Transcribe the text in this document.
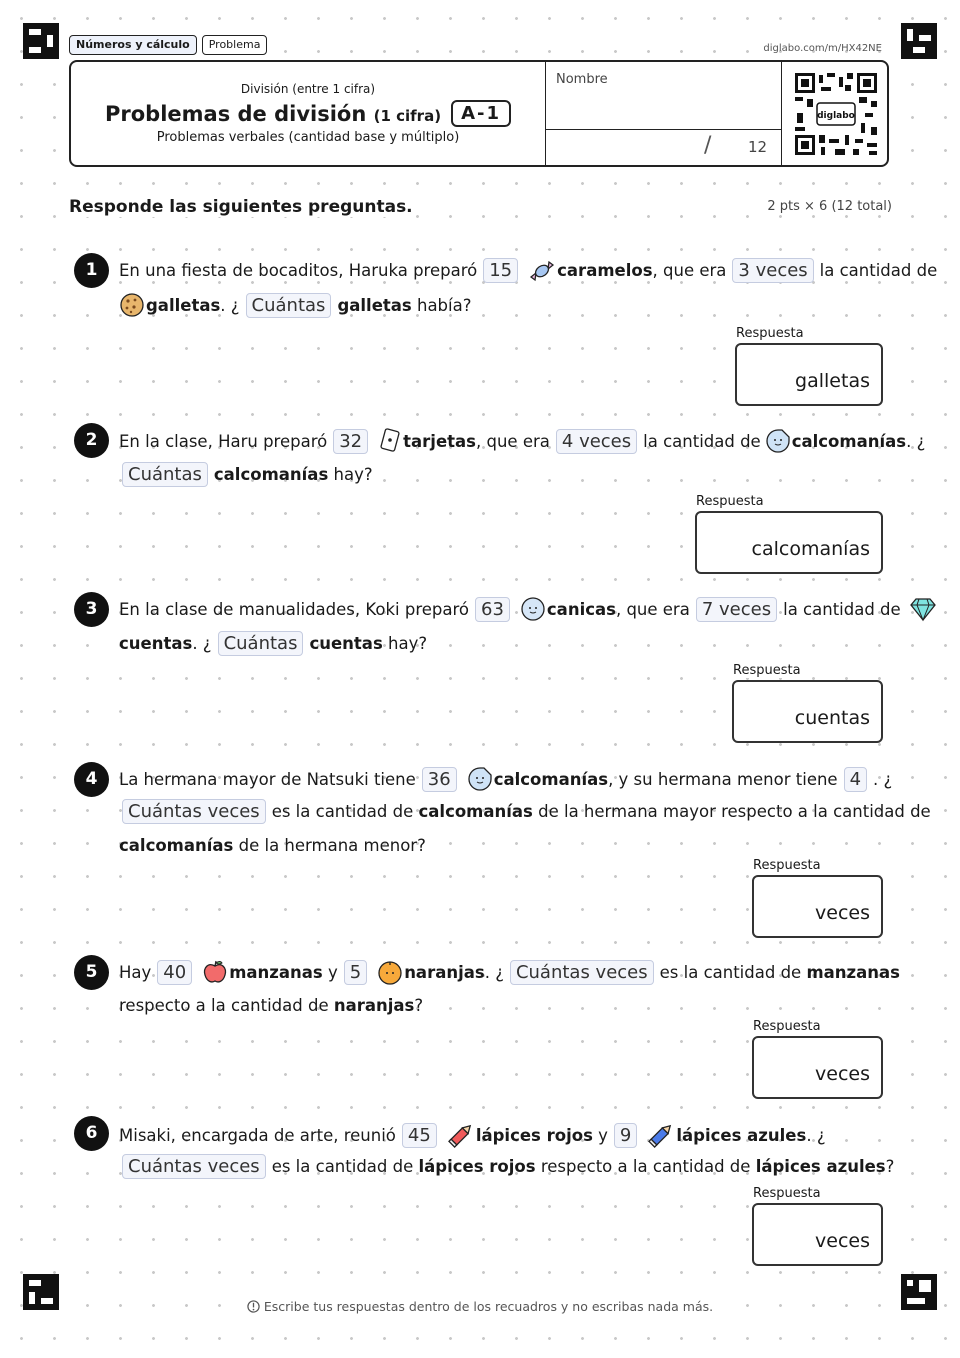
Números y cálculo	Problema	diglabo.com/m/HX42NE
División (entre 1 cifra)
Problemas de división (1 cifra)	A-1
Problemas verbales (cantidad base y múltiplo)
Nombre
/ 12
diglabo
Responde las siguientes preguntas.	2 pts × 6 (12 total)
1	En una fiesta de bocaditos, Haruka preparó 15	caramelos , que era 3 veces la cantidad de
galletas . ¿ Cuántas galletas
había?
Respuesta
galletas
2	En la clase, Haru preparó 32	tarjetas , que era 4 veces la cantidad de calcomanías . ¿
Cuántas calcomanías
hay?
Respuesta
calcomanías
3	En la clase de manualidades, Koki preparó 63	canicas , que era 7 veces la cantidad de
cuentas . ¿ Cuántas cuentas
hay?
Respuesta
cuentas
4	La hermana mayor de Natsuki tiene 36	calcomanías , y su hermana menor tiene 4 . ¿
Cuántas veces es la cantidad de
calcomanías
de la hermana mayor respecto a la cantidad de
calcomanías
de la hermana menor?
Respuesta
veces
5	Hay 40	manzanas
y 5	naranjas . ¿ Cuántas veces es la cantidad de
manzanas
respecto a la cantidad de
naranjas ?
Respuesta
veces
6	Misaki, encargada de arte, reunió 45	lápices rojos
y 9	lápices azules . ¿
Cuántas veces es la cantidad de
lápices rojos
respecto a la cantidad de
lápices azules ?
Respuesta
veces
Escribe tus respuestas dentro de los recuadros y no escribas nada más.
